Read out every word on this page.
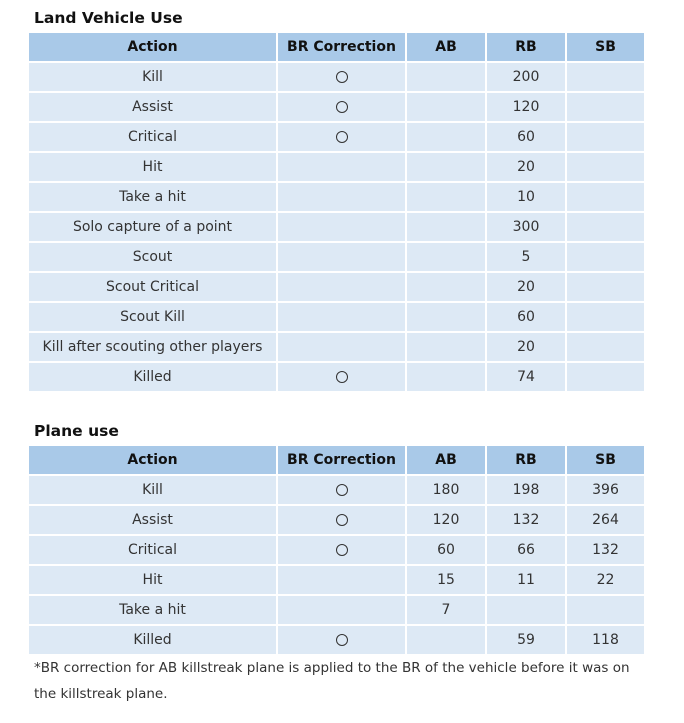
Land Vehicle Use
Action	BR Correction	AB	RB	SB
Kill			200	
Assist			120	
Critical			60	
Hit			20	
Take a hit			10	
Solo capture of a point			300	
Scout			5	
Scout Critical			20	
Scout Kill			60	
Kill after scouting other players			20	
Killed			74	
Plane use
Action	BR Correction	AB	RB	SB
Kill		180	198	396
Assist		120	132	264
Critical		60	66	132
Hit		15	11	22
Take a hit		7		
Killed			59	118

*BR correction for AB killstreak plane is applied to the BR of the vehicle before it was on the killstreak plane.
